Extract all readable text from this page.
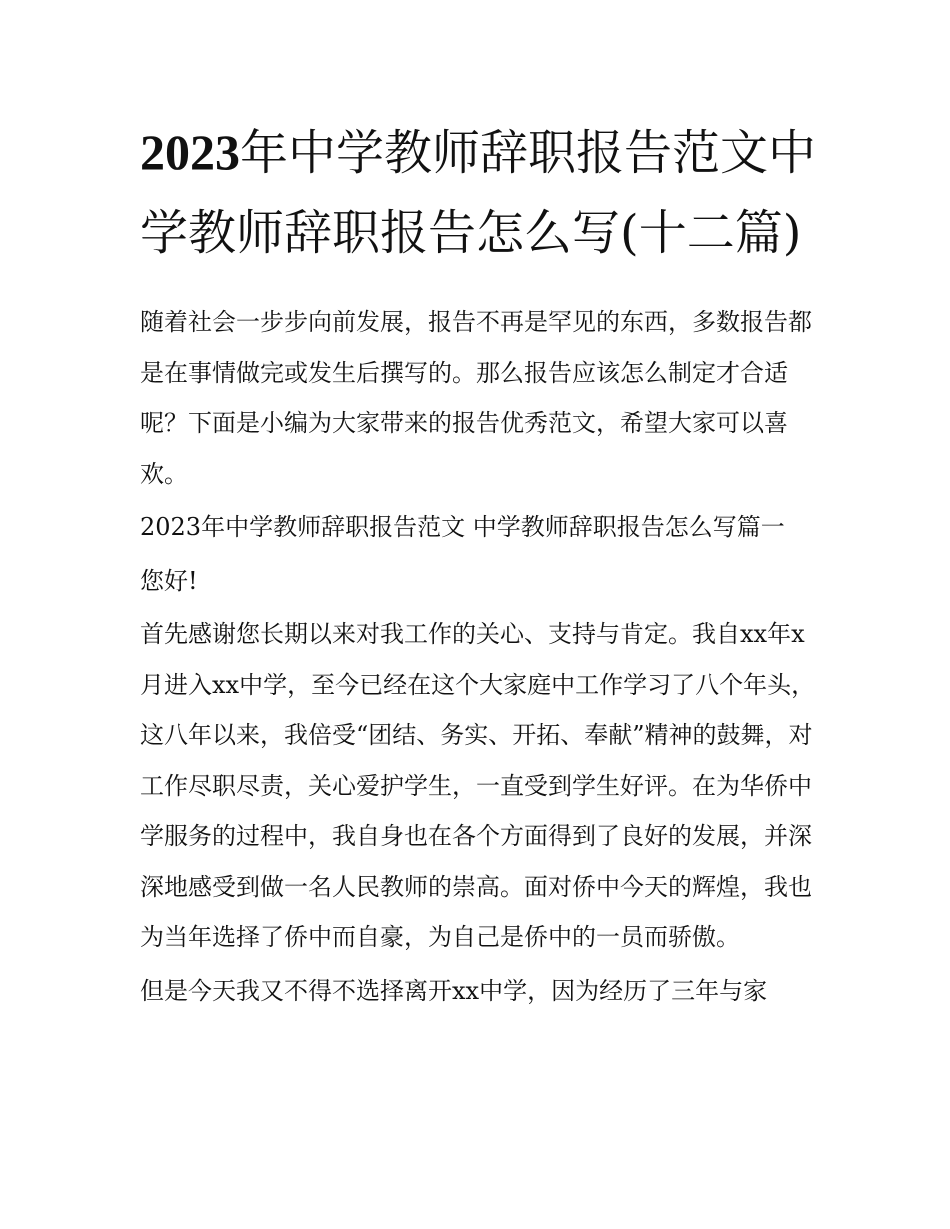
2023年中学教师辞职报告范文中学教师辞职报告怎么写(十二篇)

随着社会一步步向前发展，报告不再是罕见的东西，多数报告都是在事情做完或发生后撰写的。那么报告应该怎么制定才合适呢？下面是小编为大家带来的报告优秀范文，希望大家可以喜欢。

2023年中学教师辞职报告范文 中学教师辞职报告怎么写篇一

您好!

首先感谢您长期以来对我工作的关心、支持与肯定。我自xx年x月进入xx中学，至今已经在这个大家庭中工作学习了八个年头，这八年以来，我倍受“团结、务实、开拓、奉献”精神的鼓舞，对工作尽职尽责，关心爱护学生，一直受到学生好评。在为华侨中学服务的过程中，我自身也在各个方面得到了良好的发展，并深深地感受到做一名人民教师的崇高。面对侨中今天的辉煌，我也为当年选择了侨中而自豪，为自己是侨中的一员而骄傲。

但是今天我又不得不选择离开xx中学，因为经历了三年与家
